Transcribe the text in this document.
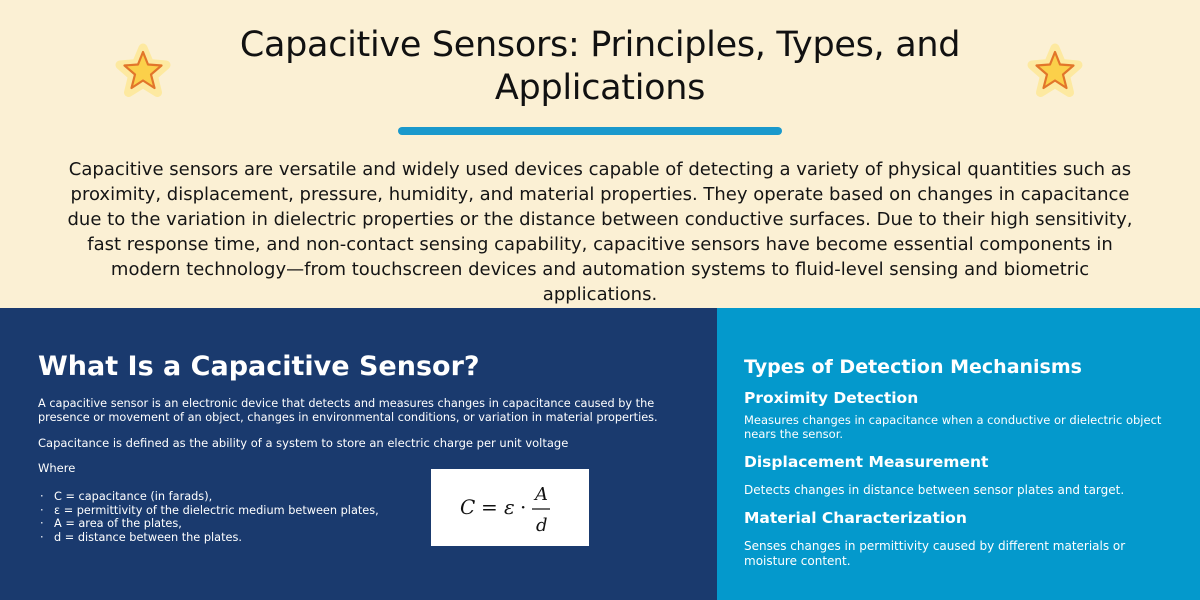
Capacitive Sensors: Principles, Types, and Applications

Capacitive sensors are versatile and widely used devices capable of detecting a variety of physical quantities such as proximity, displacement, pressure, humidity, and material properties. They operate based on changes in capacitance due to the variation in dielectric properties or the distance between conductive surfaces. Due to their high sensitivity, fast response time, and non-contact sensing capability, capacitive sensors have become essential components in modern technology—from touchscreen devices and automation systems to fluid-level sensing and biometric applications.

What Is a Capacitive Sensor?

A capacitive sensor is an electronic device that detects and measures changes in capacitance caused by the presence or movement of an object, changes in environmental conditions, or variation in material properties.

Capacitance is defined as the ability of a system to store an electric charge per unit voltage

Where

· C = capacitance (in farads),
· ε = permittivity of the dielectric medium between plates,
· A = area of the plates,
· d = distance between the plates.
C = ε ·
A
d
Types of Detection Mechanisms
Proximity Detection

Measures changes in capacitance when a conductive or dielectric object nears the sensor.

Displacement Measurement

Detects changes in distance between sensor plates and target.

Material Characterization

Senses changes in permittivity caused by different materials or moisture content.
